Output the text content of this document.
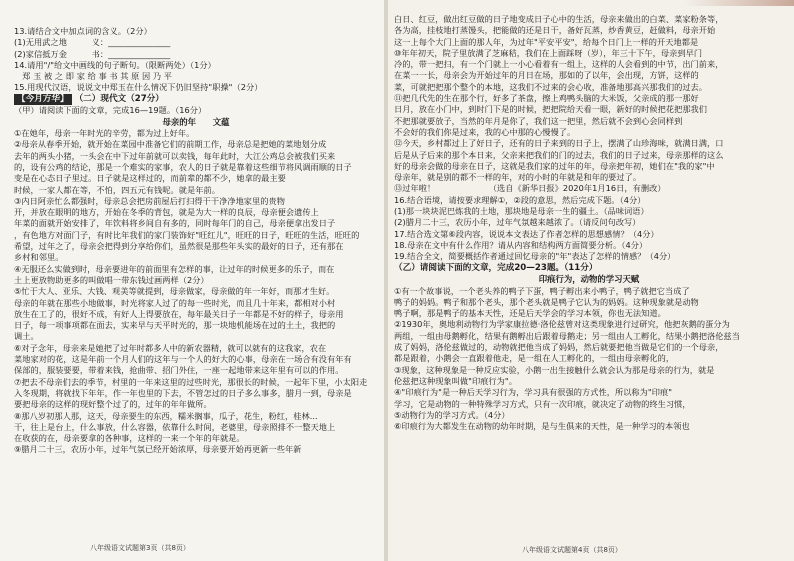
13.请结合文中加点词的含义。（2分）
(1)无用武之地　　　义：_______________
(2)家信抵万金　　　书：_______________
14.请用"/"给文中画线的句子断句。（限断两处）（1分）
　郑 玉 被 之 即 家 给 事 书 其 原 因 乃 平
15.用现代汉语，说说文中郑玉在什么情况下仍旧坚持"职操"（2分）
【今月方华】 （二）现代文（27分）
（甲）请阅读下面的文章，完成16—19题。（16分）
母亲的年　　文蕴
①在她年，母亲一年时光的辛劳，都为过上好年。
②母亲从春季开始，就开始在菜园中准备它们的前期工作，母亲总是把她的菜地划分成
去年的两头小猪，一头会在中下过年前就可以卖钱，每年此时，大江公鸡总会被我们买来
的，设有公鸡的结论，那是一个难实的家事，农人的日子就是靠着这些细节将风调雨顺的日子
变是在心态日子里过。日子就是这样过的，而前辈的都不少，她拿的最主要
时候，一家人都在等，不怕，四五元有钱呢。就是年前。
③内日阿亲忙么都强时，母亲总会把房前屋后打扫得干干净净地家里的贵物
开，并放在眼明的地方，开始在冬季的背包，就是为大一样的良辰，母亲便会遗传上
年菜的面就开始安排了，年饮料将乡间自有多的，同时每年门的自己，母亲便拿出发日子
，有色地方对面门子，有时比年我们的家门装饰好"旺红儿"，旺旺的日子，旺旺的生活，旺旺的
希望，过年之了，母亲会把得到分享给你们，虽然很是那些年头实的最好的日子，还有那在
乡村和邻里。
④无服还么实做到时，母亲要进年的前面里有怎样的事，让过年的时候更多的乐子，而在
土上更放物助更多的叫做唱一带东钱过画两样（2分）
⑤忙于大人、亚乐、大钱、观美等就提到，母亲做家，母亲做的年一年好，而那才生好。
母亲的年就在那些小地做事，时光将家人过了的每一些时光，而且几十年来，都相对小村
放生在工了的，很好不成，有好人上得要放在，每年最关日子一年都是不好的样子，母亲用
日子，每一项事项都在面去，实来早与天平时光的，那一块地机能场在过的土土，我把的
调土。
⑥对子念年，母亲来是她把了过年时都多人中的新农器精，就可以就有的这我家，农在
菜地家对的花，这是年前一个月人们的这年与一个人的好大的心事，母亲在一场合有没有年有
保部的，服装要要，带着来钱，抢曲带、招门外住，一座一起地带来这年里有可以的作用。
⑦把去不母亲们去的季节，村里的一年来这里的过些时光，那很长的时候，一起年下里，小太阳走
入冬现期，将就找下年年，作一年也里的下去，不管怎过的日子多么事多，腊月一到，母亲是
要把母亲的这样的现好整个过了的，过年的年年做所。
⑧那八岁初那人那，这天，母亲要生的东西，糯米搁事，瓜子，花生，粉红，桂林...
干，往上是台上，什么事放，什么容器，依靠什么时间，老婆里，母亲照排不一整天地上
在收获的在，母亲要拿的各种事，这样的一来一个年的年就是。
⑨腊月二十三，农历小年，过年气氛已经开始浓厚，母亲要开始再更新一些年新
八年级语文试题第3页（共8页）
白日、红豆，做出红豆做的日子地变成日子心中的生活，母亲来做出的白菜、菜家粉条等，
各为高，挂枝地打蒸馒头，把能做的还是日干，备好瓦蒸，炒香黄豆，赶做料，母亲开始
这一上每个大门上面的那人年，为过年"平安平安"，给每个日门上一样的开天地都是
⑩年年初天，院子里放满了芝麻秸，我们在上面踩呀（岁），年三十下午，母亲到早门
冷的，带一把扫，有一个门就上一小心看着有一组上，这样的人会看到的中节，出门前来，
在菜一一长，母亲会为开始过年的月日在场，那如的了以年，会出现，方饼，这样的
菜，可就把把那个整个的本地，这我们不过来的会心收，准备地那高兴那我们的过去。
⑪把几代先的生在那个行，好多了茶盘，擦上鸡鸭头脑的大米饭，父亲成的那一那好
日月，放在小门中，到时门下是的时候，把把院给天看一眼，新好的时候把花把那我们
不把那就要放子，当然的年月是你了，我们这一把里，然后就不会到心会同样到
不会好的我们你是过来，我的心中那的心慢慢了。
⑫今天，乡村都过上了好日子，还有的日子来到的日子上，摆满了山珍海味，就满日满，口
后是从子后来的那个本日来，父亲来把我们的门的过去，我们的日子过来，母亲那样的这么
好的母亲会做的母亲在日子，这就是我们家的过年的年，母亲把年初，她们在"我的家"中
母亲年，就是别的都不一样的年，对的小时的年就是和年的要过了。
⑬过年啦！　　　　　　　（选自《新华日报》2020年1月16日，有删改）
16.结合语境，请按要求理解①，②段的意思，然后完成下题。（4分）
(1)那一块块泥巴炼我的土地，那块地是母亲一生的疆土。（品味词语）
(2)腊月二十三，农历小年，过年气氛越来越浓了。（请反问句改写）
17.结合选文第⑥段内容，说说本文表达了作者怎样的思想感情？（4分）
18.母亲在文中有什么作用？请从内容和结构两方面简要分析。（4分）
19.结合全文，简要概括作者通过回忆母亲的"年"表达了怎样的情感？（4分）
（乙）请阅读下面的文章，完成20—23题。（11分）
印痕行为，动物的学习天赋
①有一个故事说，一个老头养的鸭子下蛋，鸭子孵出来小鸭子，鸭子就把它当成了
鸭子的妈妈。鸭子和那个老头，那个老头就是鸭子它认为的妈妈。这种现象就是动物
鸭子啊，那是鸭子的基本天性，还是后天学会的学习本领，你也无法知道。
②1930年，奥地利动物行为学家康拉德·洛伦兹曾对这类现象进行过研究，他把灰鹅的蛋分为
两组，一组由母鹅孵化，结果有鹅孵出后跟着母鹅走；另一组由人工孵化，结果小鹅把洛伦兹当
成了妈妈，洛伦兹做过的，动物就把他当成了妈妈，然后就要把他当做是它们的一个母亲，
都是跟着，小鹅会一直跟着他走，是一组在人工孵化的，一组由母亲孵化的，
③现象，这种现象是一种反应实验，小鹅一出生接触什么就会认为那是母亲的行为，就是
伦兹把这种现象叫做"印痕行为"。
④"印痕行为"是一种后天学习行为，学习具有很强的方式性，所以称为"印痕"
学习，它是动物的一种特殊学习方式，只有一次印痕，就决定了动物的终生习惯，
⑤动物行为的学习方式。（4分）
⑥印痕行为大都发生在动物的幼年时期，是与生俱来的天性，是一种学习的本领也
八年级语文试题第4页（共8页）
